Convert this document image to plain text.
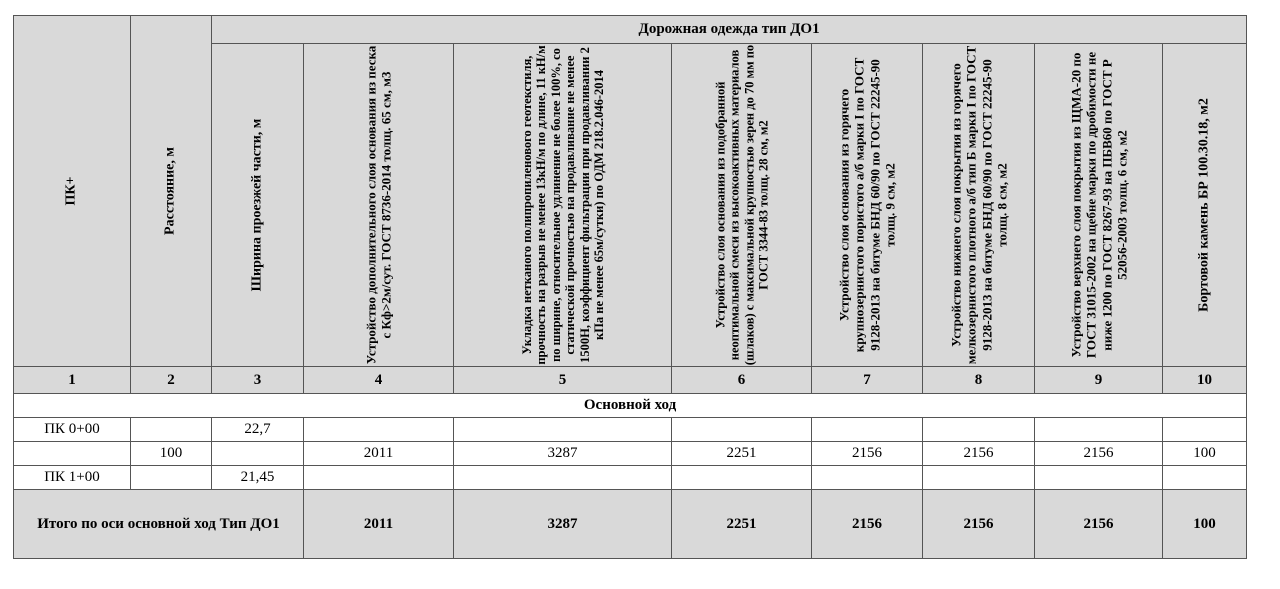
ПК+	Расстояние, м	Дорожная одежда тип ДО1							

		Ширина проезжей части, м	Устройство дополнительного слоя основания из песка с Кф>2м/сут. ГОСТ 8736-2014 толщ. 65 см, м3	Укладка нетканого полипропиленового геотекстиля, прочность на разрыв не менее 13кН/м по длине, 11 кН/м по ширине, относительное удлинение не более 100%, со статической прочностью на продавливание не менее 1500Н, коэффициент фильтрации при продавливании 2 кПа не менее 65м/сутки) по ОДМ 218.2.046-2014	Устройство слоя основания из подобранной неоптимальной смеси из высокоактивных материалов (шлаков) с максимальной крупностью зерен до 70 мм по ГОСТ 3344-83 толщ. 28 см, м2	Устройство слоя основания из горячего крупнозернистого пористого а/б марки I по ГОСТ 9128-2013 на битуме БНД 60/90 по ГОСТ 22245-90 толщ. 9 см, м2	Устройство нижнего слоя покрытия из горячего мелкозернистого плотного а/б тип Б марки I по ГОСТ 9128-2013 на битуме БНД 60/90 по ГОСТ 22245-90 толщ. 8 см, м2	Устройство верхнего слоя покрытия из ЩМА-20 по ГОСТ 31015-2002 на щебне марки по дробимости не ниже 1200 по ГОСТ 8267-93 на ПБВ60 по ГОСТ Р 52056-2003 толщ. 6 см, м2	Бортовой камень БР 100.30.18, м2

1	2	3	4	5	6	7	8	9	10
Основной ход									
ПК 0+00		22,7							
	100		2011	3287	2251	2156	2156	2156	100
ПК 1+00		21,45							
Итого по оси основной ход Тип ДО1			2011	3287	2251	2156	2156	2156	100
